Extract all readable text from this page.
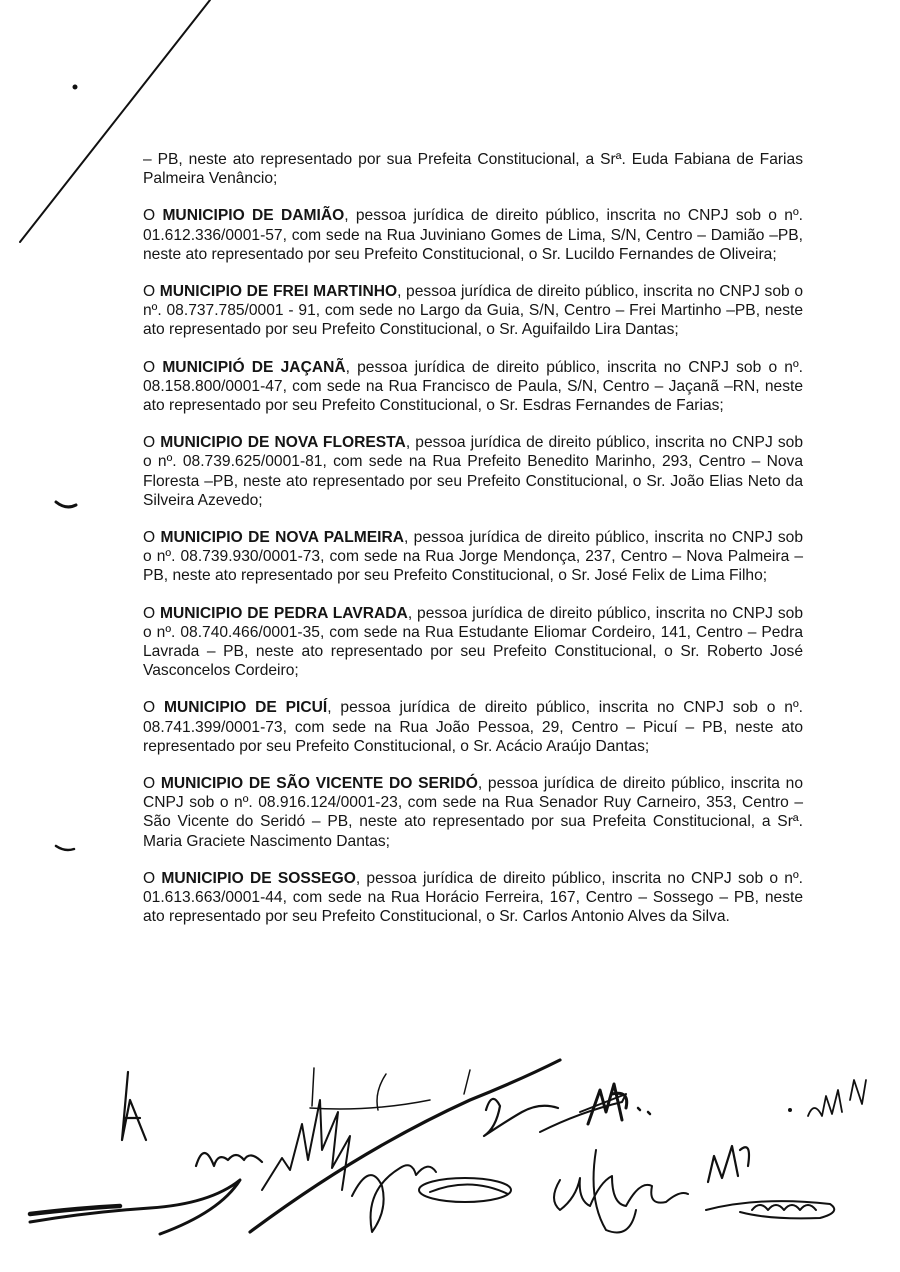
– PB, neste ato representado por sua Prefeita Constitucional, a Srª. Euda Fabiana de Farias Palmeira Venâncio;

O MUNICIPIO DE DAMIÃO, pessoa jurídica de direito público, inscrita no CNPJ sob o nº. 01.612.336/0001-57, com sede na Rua Juviniano Gomes de Lima, S/N, Centro – Damião –PB, neste ato representado por seu Prefeito Constitucional, o Sr. Lucildo Fernandes de Oliveira;

O MUNICIPIO DE FREI MARTINHO, pessoa jurídica de direito público, inscrita no CNPJ sob o nº. 08.737.785/0001 - 91, com sede no Largo da Guia, S/N, Centro – Frei Martinho –PB, neste ato representado por seu Prefeito Constitucional, o Sr. Aguifaildo Lira Dantas;

O MUNICIPIÓ DE JAÇANÃ, pessoa jurídica de direito público, inscrita no CNPJ sob o nº. 08.158.800/0001-47, com sede na Rua Francisco de Paula, S/N, Centro – Jaçanã –RN, neste ato representado por seu Prefeito Constitucional, o Sr. Esdras Fernandes de Farias;

O MUNICIPIO DE NOVA FLORESTA, pessoa jurídica de direito público, inscrita no CNPJ sob o nº. 08.739.625/0001-81, com sede na Rua Prefeito Benedito Marinho, 293, Centro – Nova Floresta –PB, neste ato representado por seu Prefeito Constitucional, o Sr. João Elias Neto da Silveira Azevedo;

O MUNICIPIO DE NOVA PALMEIRA, pessoa jurídica de direito público, inscrita no CNPJ sob o nº. 08.739.930/0001-73, com sede na Rua Jorge Mendonça, 237, Centro – Nova Palmeira – PB, neste ato representado por seu Prefeito Constitucional, o Sr. José Felix de Lima Filho;

O MUNICIPIO DE PEDRA LAVRADA, pessoa jurídica de direito público, inscrita no CNPJ sob o nº. 08.740.466/0001-35, com sede na Rua Estudante Eliomar Cordeiro, 141, Centro – Pedra Lavrada – PB, neste ato representado por seu Prefeito Constitucional, o Sr. Roberto José Vasconcelos Cordeiro;

O MUNICIPIO DE PICUÍ, pessoa jurídica de direito público, inscrita no CNPJ sob o nº. 08.741.399/0001-73, com sede na Rua João Pessoa, 29, Centro – Picuí – PB, neste ato representado por seu Prefeito Constitucional, o Sr. Acácio Araújo Dantas;

O MUNICIPIO DE SÃO VICENTE DO SERIDÓ, pessoa jurídica de direito público, inscrita no CNPJ sob o nº. 08.916.124/0001-23, com sede na Rua Senador Ruy Carneiro, 353, Centro – São Vicente do Seridó – PB, neste ato representado por sua Prefeita Constitucional, a Srª. Maria Graciete Nascimento Dantas;

O MUNICIPIO DE SOSSEGO, pessoa jurídica de direito público, inscrita no CNPJ sob o nº. 01.613.663/0001-44, com sede na Rua Horácio Ferreira, 167, Centro – Sossego – PB, neste ato representado por seu Prefeito Constitucional, o Sr. Carlos Antonio Alves da Silva.
